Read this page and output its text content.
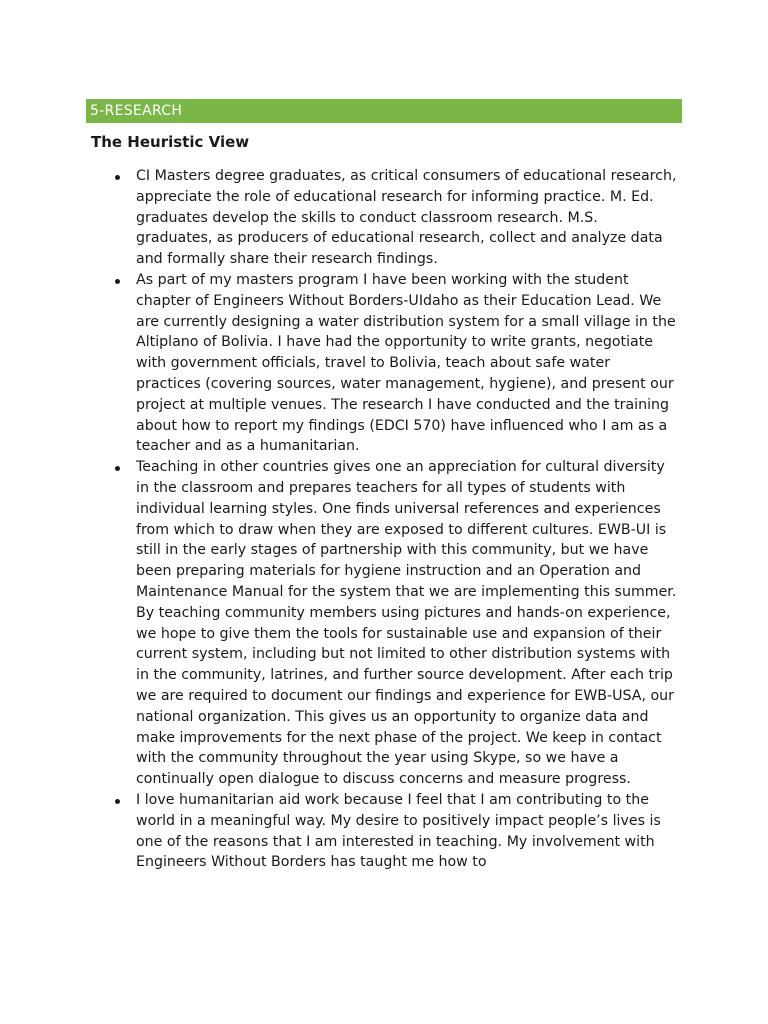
5-RESEARCH
The Heuristic View
CI Masters degree graduates, as critical consumers of educational research, appreciate the role of educational research for informing practice. M. Ed. graduates develop the skills to conduct classroom research. M.S. graduates, as producers of educational research, collect and analyze data and formally share their research findings.
As part of my masters program I have been working with the student chapter of Engineers Without Borders-UIdaho as their Education Lead. We are currently designing a water distribution system for a small village in the Altiplano of Bolivia. I have had the opportunity to write grants, negotiate with government officials, travel to Bolivia, teach about safe water practices (covering sources, water management, hygiene), and present our project at multiple venues. The research I have conducted and the training about how to report my findings (EDCI 570) have influenced who I am as a teacher and as a humanitarian.
Teaching in other countries gives one an appreciation for cultural diversity in the classroom and prepares teachers for all types of students with individual learning styles. One finds universal references and experiences from which to draw when they are exposed to different cultures. EWB-UI is still in the early stages of partnership with this community, but we have been preparing materials for hygiene instruction and an Operation and Maintenance Manual for the system that we are implementing this summer. By teaching community members using pictures and hands-on experience, we hope to give them the tools for sustainable use and expansion of their current system, including but not limited to other distribution systems with in the community, latrines, and further source development. After each trip we are required to document our findings and experience for EWB-USA, our national organization. This gives us an opportunity to organize data and make improvements for the next phase of the project. We keep in contact with the community throughout the year using Skype, so we have a continually open dialogue to discuss concerns and measure progress.
I love humanitarian aid work because I feel that I am contributing to the world in a meaningful way. My desire to positively impact people’s lives is one of the reasons that I am interested in teaching. My involvement with Engineers Without Borders has taught me how to
